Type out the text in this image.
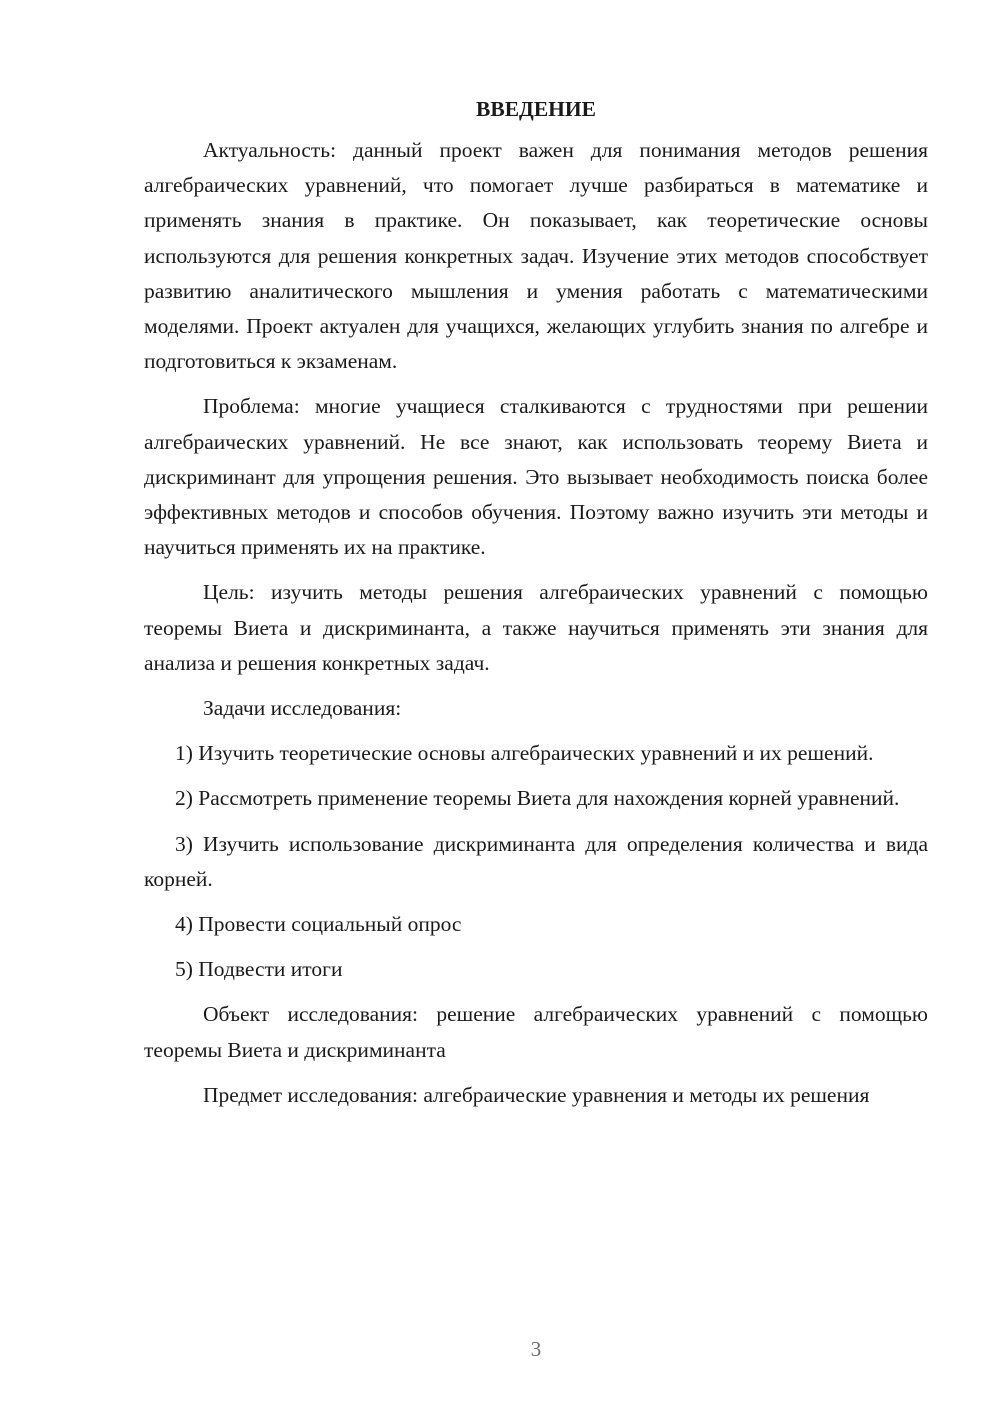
ВВЕДЕНИЕ

Актуальность: данный проект важен для понимания методов решения алгебраических уравнений, что помогает лучше разбираться в математике и применять знания в практике. Он показывает, как теоретические основы используются для решения конкретных задач. Изучение этих методов способствует развитию аналитического мышления и умения работать с математическими моделями. Проект актуален для учащихся, желающих углубить знания по алгебре и подготовиться к экзаменам.

Проблема: многие учащиеся сталкиваются с трудностями при решении алгебраических уравнений. Не все знают, как использовать теорему Виета и дискриминант для упрощения решения. Это вызывает необходимость поиска более эффективных методов и способов обучения. Поэтому важно изучить эти методы и научиться применять их на практике.

Цель: изучить методы решения алгебраических уравнений с помощью теоремы Виета и дискриминанта, а также научиться применять эти знания для анализа и решения конкретных задач.

Задачи исследования:

1) Изучить теоретические основы алгебраических уравнений и их решений.

2) Рассмотреть применение теоремы Виета для нахождения корней уравнений.

3) Изучить использование дискриминанта для определения количества и вида корней.

4) Провести социальный опрос

5) Подвести итоги

Объект исследования: решение алгебраических уравнений с помощью теоремы Виета и дискриминанта

Предмет исследования: алгебраические уравнения и методы их решения

3
